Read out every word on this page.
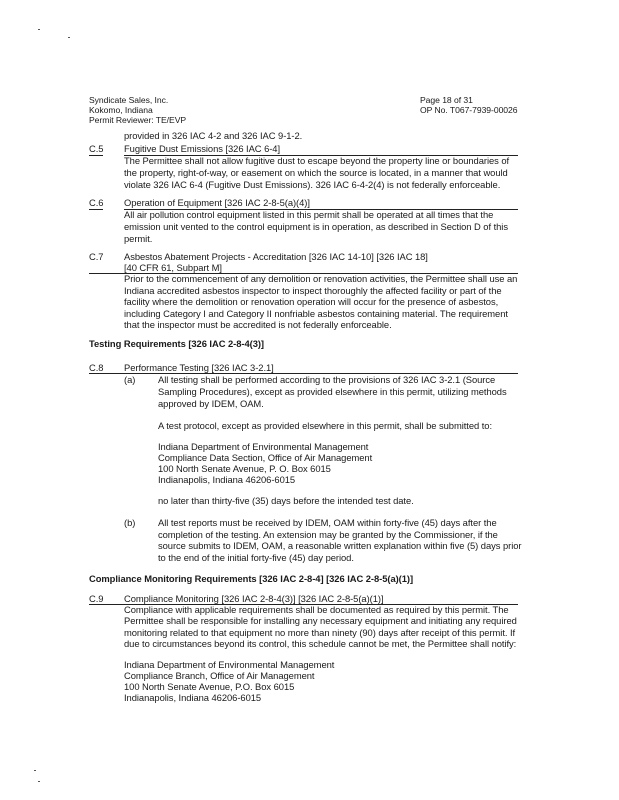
Syndicate Sales, Inc.
Kokomo, Indiana
Permit Reviewer: TE/EVP
Page 18 of 31
OP No. T067-7939-00026
provided in 326 IAC 4-2 and 326 IAC 9-1-2.
C.5 Fugitive Dust Emissions [326 IAC 6-4]
The Permittee shall not allow fugitive dust to escape beyond the property line or boundaries of
the property, right-of-way, or easement on which the source is located, in a manner that would
violate 326 IAC 6-4 (Fugitive Dust Emissions). 326 IAC 6-4-2(4) is not federally enforceable.
C.6 Operation of Equipment [326 IAC 2-8-5(a)(4)]
All air pollution control equipment listed in this permit shall be operated at all times that the
emission unit vented to the control equipment is in operation, as described in Section D of this
permit.
C.7 Asbestos Abatement Projects - Accreditation [326 IAC 14-10] [326 IAC 18]
[40 CFR 61, Subpart M]
Prior to the commencement of any demolition or renovation activities, the Permittee shall use an
Indiana accredited asbestos inspector to inspect thoroughly the affected facility or part of the
facility where the demolition or renovation operation will occur for the presence of asbestos,
including Category I and Category II nonfriable asbestos containing material. The requirement
that the inspector must be accredited is not federally enforceable.
Testing Requirements [326 IAC 2-8-4(3)]
C.8 Performance Testing [326 IAC 3-2.1]
(a) All testing shall be performed according to the provisions of 326 IAC 3-2.1 (Source
Sampling Procedures), except as provided elsewhere in this permit, utilizing methods
approved by IDEM, OAM.
A test protocol, except as provided elsewhere in this permit, shall be submitted to:
Indiana Department of Environmental Management
Compliance Data Section, Office of Air Management
100 North Senate Avenue, P. O. Box 6015
Indianapolis, Indiana 46206-6015
no later than thirty-five (35) days before the intended test date.
(b) All test reports must be received by IDEM, OAM within forty-five (45) days after the
completion of the testing. An extension may be granted by the Commissioner, if the
source submits to IDEM, OAM, a reasonable written explanation within five (5) days prior
to the end of the initial forty-five (45) day period.
Compliance Monitoring Requirements [326 IAC 2-8-4] [326 IAC 2-8-5(a)(1)]
C.9 Compliance Monitoring [326 IAC 2-8-4(3)] [326 IAC 2-8-5(a)(1)]
Compliance with applicable requirements shall be documented as required by this permit. The
Permittee shall be responsible for installing any necessary equipment and initiating any required
monitoring related to that equipment no more than ninety (90) days after receipt of this permit. If
due to circumstances beyond its control, this schedule cannot be met, the Permittee shall notify:
Indiana Department of Environmental Management
Compliance Branch, Office of Air Management
100 North Senate Avenue, P.O. Box 6015
Indianapolis, Indiana 46206-6015
